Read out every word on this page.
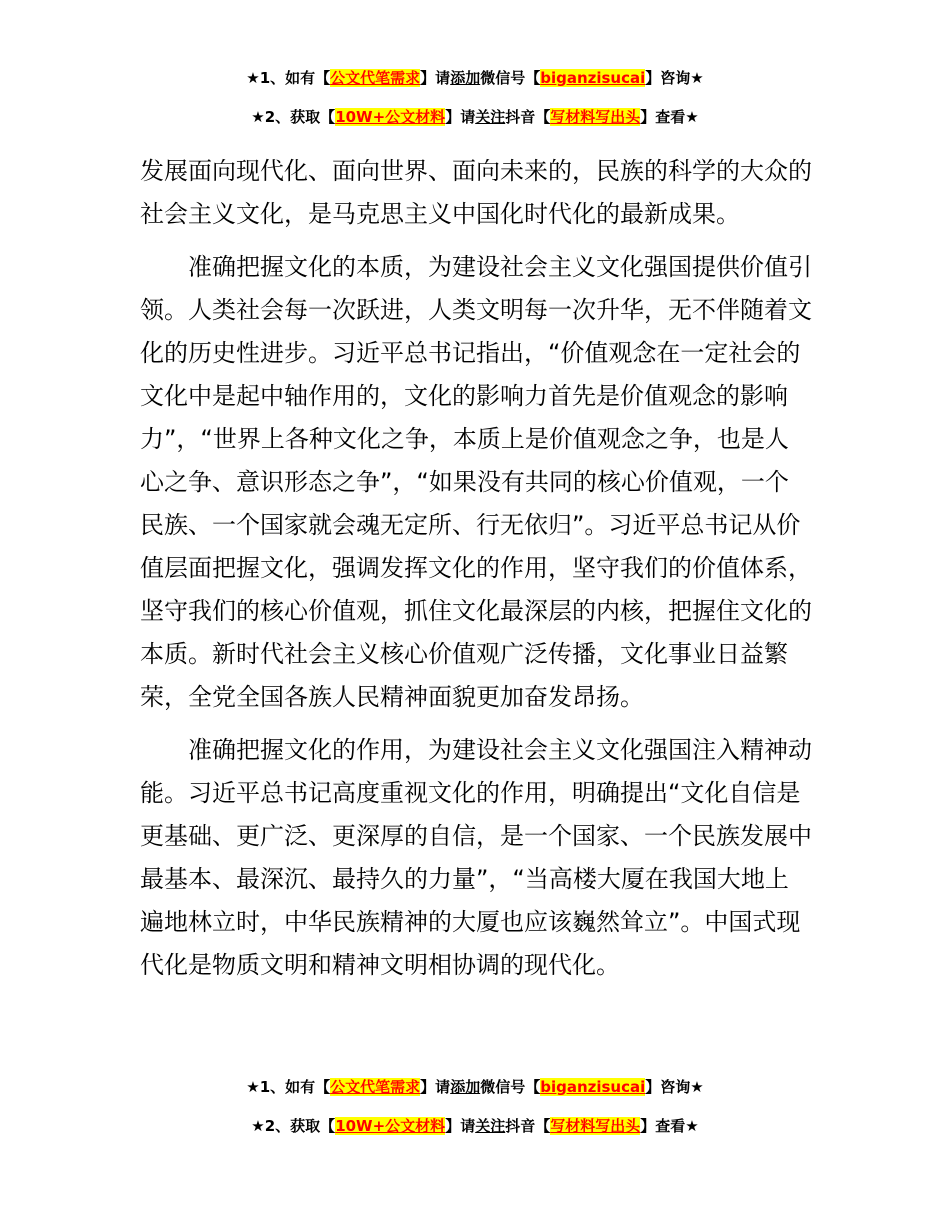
★1、如有【公文代笔需求】请添加微信号【biganzisucai】咨询★
★2、获取【10W+公文材料】请关注抖音【写材料写出头】查看★

发展面向现代化、面向世界、面向未来的，民族的科学的大众的社会主义文化，是马克思主义中国化时代化的最新成果。

准确把握文化的本质，为建设社会主义文化强国提供价值引领。人类社会每一次跃进，人类文明每一次升华，无不伴随着文化的历史性进步。习近平总书记指出，“价值观念在一定社会的文化中是起中轴作用的，文化的影响力首先是价值观念的影响力”，“世界上各种文化之争，本质上是价值观念之争，也是人心之争、意识形态之争”，“如果没有共同的核心价值观，一个民族、一个国家就会魂无定所、行无依归”。习近平总书记从价值层面把握文化，强调发挥文化的作用，坚守我们的价值体系，坚守我们的核心价值观，抓住文化最深层的内核，把握住文化的本质。新时代社会主义核心价值观广泛传播，文化事业日益繁荣，全党全国各族人民精神面貌更加奋发昂扬。

准确把握文化的作用，为建设社会主义文化强国注入精神动能。习近平总书记高度重视文化的作用，明确提出“文化自信是更基础、更广泛、更深厚的自信，是一个国家、一个民族发展中最基本、最深沉、最持久的力量”，“当高楼大厦在我国大地上遍地林立时，中华民族精神的大厦也应该巍然耸立”。中国式现代化是物质文明和精神文明相协调的现代化。

★1、如有【公文代笔需求】请添加微信号【biganzisucai】咨询★
★2、获取【10W+公文材料】请关注抖音【写材料写出头】查看★
